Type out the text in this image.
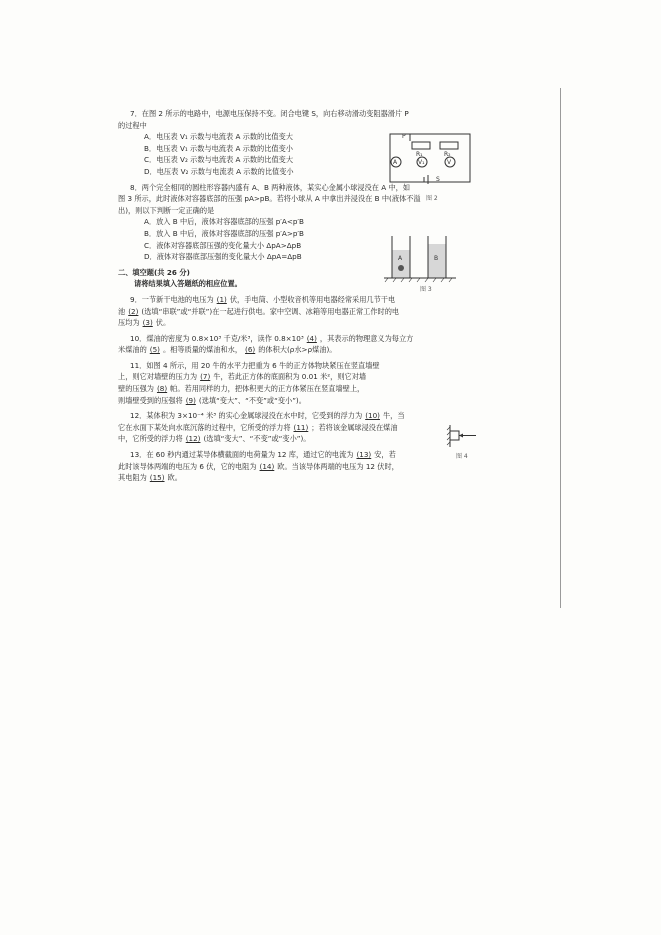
7．在图 2 所示的电路中，电源电压保持不变。闭合电键 S，向右移动滑动变阻器滑片 P

的过程中

A．电压表 V₁ 示数与电流表 A 示数的比值变大

B．电压表 V₁ 示数与电流表 A 示数的比值变小

C．电压表 V₂ 示数与电流表 A 示数的比值变大

D．电压表 V₂ 示数与电流表 A 示数的比值变小

8．两个完全相同的圆柱形容器内盛有 A、B 两种液体，某实心金属小球浸没在 A 中，如

图 3 所示，此时液体对容器底部的压强 pA>pB。若将小球从 A 中拿出并浸没在 B 中(液体不溢

出)，则以下判断一定正确的是

A．放入 B 中后，液体对容器底部的压强 p′A<p′B

B．放入 B 中后，液体对容器底部的压强 p′A>p′B

C．液体对容器底部压强的变化量大小 ΔpA>ΔpB

D．液体对容器底部压强的变化量大小 ΔpA=ΔpB

二、填空题(共 26 分)

请将结果填入答题纸的相应位置。

9．一节新干电池的电压为 (1) 伏，手电筒、小型收音机等用电器经常采用几节干电

池 (2) (选填“串联”或“并联”)在一起进行供电。家中空调、冰箱等用电器正常工作时的电

压均为 (3) 伏。

10．煤油的密度为 0.8×10³ 千克/米³，读作 0.8×10³ (4) ，其表示的物理意义为每立方

米煤油的 (5) 。相等质量的煤油和水， (6) 的体积大(ρ水>ρ煤油)。

11．如图 4 所示，用 20 牛的水平力把重为 6 牛的正方体物块紧压在竖直墙壁

上，则它对墙壁的压力为 (7) 牛，若此正方体的底面积为 0.01 米²，则它对墙

壁的压强为 (8) 帕。若用同样的力，把体积更大的正方体紧压在竖直墙壁上，

则墙壁受到的压强将 (9) (选填“变大”、“不变”或“变小”)。

12．某体积为 3×10⁻⁴ 米³ 的实心金属球浸没在水中时，它受到的浮力为 (10) 牛，当

它在水面下某处向水底沉落的过程中，它所受的浮力将 (11) ；若将该金属球浸没在煤油

中，它所受的浮力将 (12) (选填“变大”、“不变”或“变小”)。

13．在 60 秒内通过某导体横截面的电荷量为 12 库，通过它的电流为 (13) 安，若

此时该导体两端的电压为 6 伏，它的电阻为 (14) 欧。当该导体两端的电压为 12 伏时，

其电阻为 (15) 欧。

P
R₁	R₂
V₁	V
A
S
图 2
A	B
图 3
图 4
